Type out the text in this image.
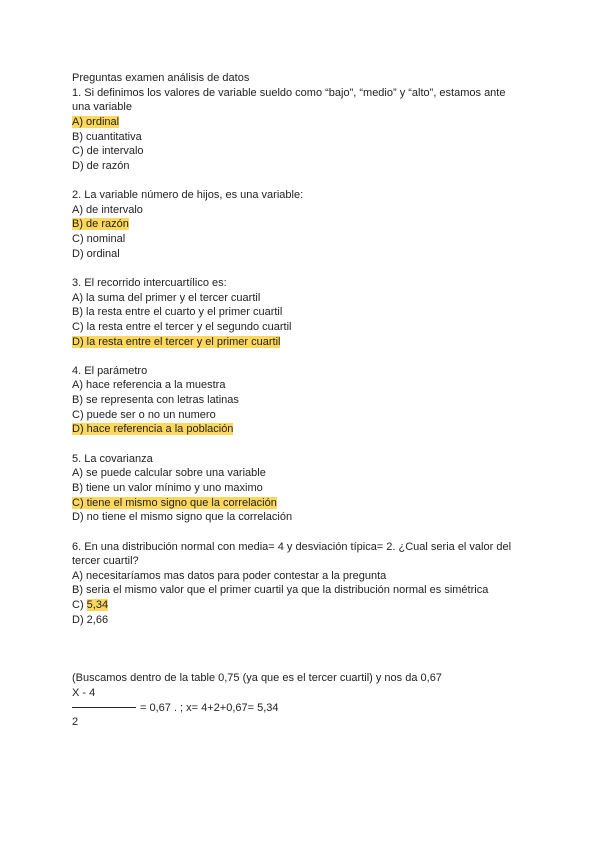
Preguntas examen análisis de datos
1. Si definimos los valores de variable sueldo como “bajo”, “medio” y “alto”, estamos ante
una variable
A) ordinal
B) cuantitativa
C) de intervalo
D) de razón
2. La variable número de hijos, es una variable:
A) de intervalo
B) de razón
C) nominal
D) ordinal
3. El recorrido intercuartílico es:
A) la suma del primer y el tercer cuartil
B) la resta entre el cuarto y el primer cuartil
C) la resta entre el tercer y el segundo cuartil
D) la resta entre el tercer y el primer cuartil
4. El parámetro
A) hace referencia a la muestra
B) se representa con letras latinas
C) puede ser o no un numero
D) hace referencia a la población
5. La covarianza
A) se puede calcular sobre una variable
B) tiene un valor mínimo y uno maximo
C) tiene el mismo signo que la correlación
D) no tiene el mismo signo que la correlación
6. En una distribución normal con media= 4 y desviación típica= 2. ¿Cual seria el valor del
tercer cuartil?
A) necesitaríamos mas datos para poder contestar a la pregunta
B) seria el mismo valor que el primer cuartil ya que la distribución normal es simétrica
C) 5,34
D) 2,66
(Buscamos dentro de la table 0,75 (ya que es el tercer cuartil) y nos da 0,67
X - 4
= 0,67 . ; x= 4+2+0,67= 5,34
2
